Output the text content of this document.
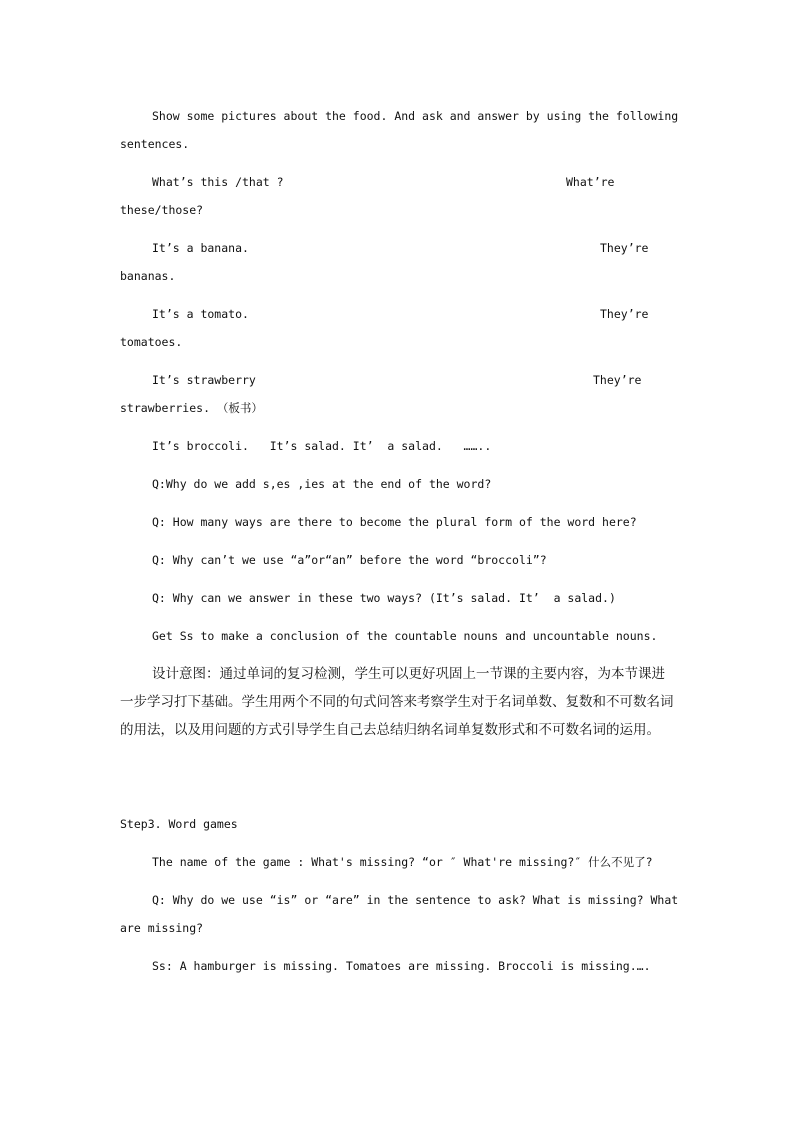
Show some pictures about the food. And ask and answer by using the following
sentences.
What’s this /that ?	What’re
these/those?
It’s a banana.	They’re
bananas.
It’s a tomato.	They’re
tomatoes.
It’s strawberry	They’re
strawberries. （板书）
It’s broccoli.   It’s salad. It’  a salad.   ……..
Q:Why do we add s,es ,ies at the end of the word?
Q: How many ways are there to become the plural form of the word here?
Q: Why can’t we use “a”or“an” before the word “broccoli”?
Q: Why can we answer in these two ways? (It’s salad. It’  a salad.)
Get Ss to make a conclusion of the countable nouns and uncountable nouns.
设计意图：通过单词的复习检测，学生可以更好巩固上一节课的主要内容，为本节课进一步学习打下基础。学生用两个不同的句式问答来考察学生对于名词单数、复数和不可数名词的用法，以及用问题的方式引导学生自己去总结归纳名词单复数形式和不可数名词的运用。
Step3. Word games
The name of the game : What's missing? “or ″ What're missing?″ 什么不见了?
Q: Why do we use “is” or “are” in the sentence to ask? What is missing? What
are missing?
Ss: A hamburger is missing. Tomatoes are missing. Broccoli is missing.….
